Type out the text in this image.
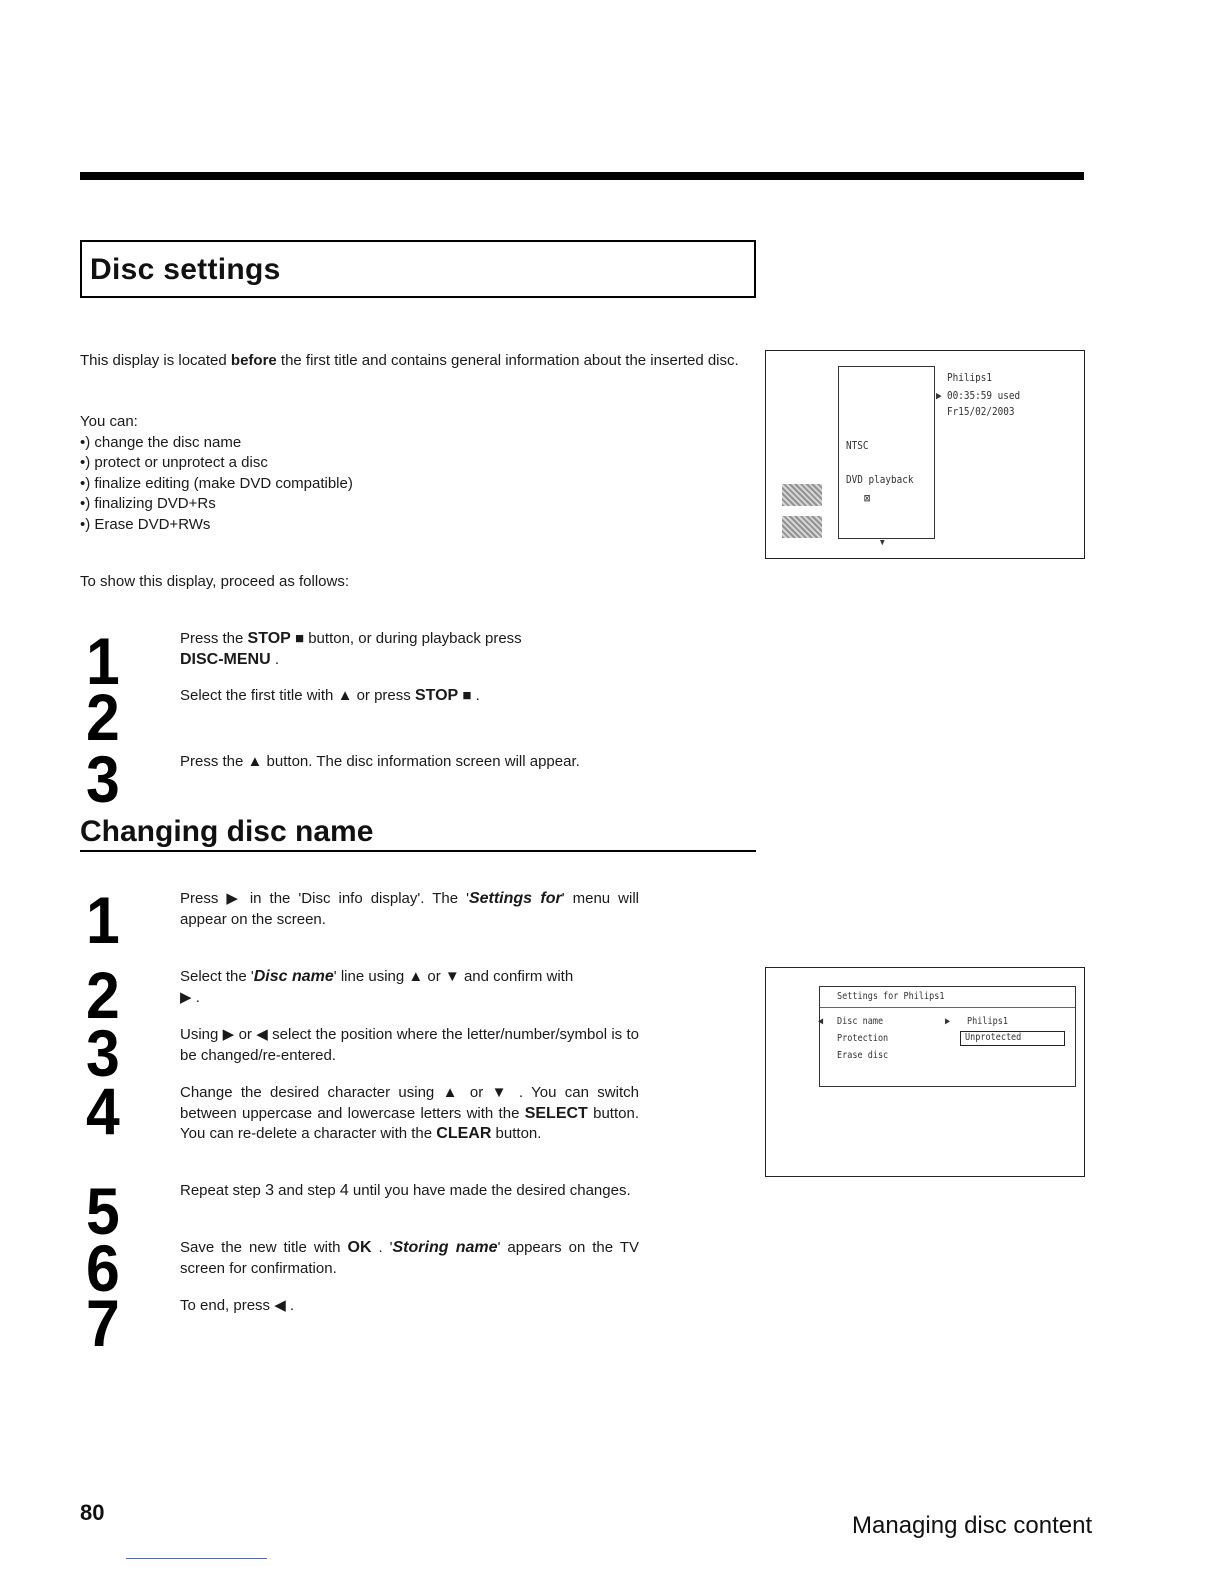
Disc settings
This display is located before the first title and contains general information about the inserted disc.
You can:
•) change the disc name
•) protect or unprotect a disc
•) finalize editing (make DVD compatible)
•) finalizing DVD+Rs
•) Erase DVD+RWs
To show this display, proceed as follows:
1	Press the STOP ■ button, or during playback press
DISC-MENU .
2	Select the first title with ▲ or press STOP ■ .
3	Press the ▲ button. The disc information screen will appear.
NTSC
DVD playback
⊠
Philips1
▶ 00:35:59 used
Fr15/02/2003
▼
Changing disc name
1	Press ▶ in the 'Disc info display'. The 'Settings for' menu will appear on the screen.
2	Select the 'Disc name' line using ▲ or ▼ and confirm with
▶ .
3	Using ▶ or ◀ select the position where the letter/number/symbol is to be changed/re-entered.
4	Change the desired character using ▲ or ▼ . You can switch between uppercase and lowercase letters with the SELECT button. You can re-delete a character with the CLEAR button.
5	Repeat step 3 and step 4 until you have made the desired changes.
6	Save the new title with OK . 'Storing name' appears on the TV screen for confirmation.
7	To end, press ◀ .
Settings for Philips1
◀ Disc name	▶ Philips1
Protection	Unprotected
Erase disc
80	Managing disc content
